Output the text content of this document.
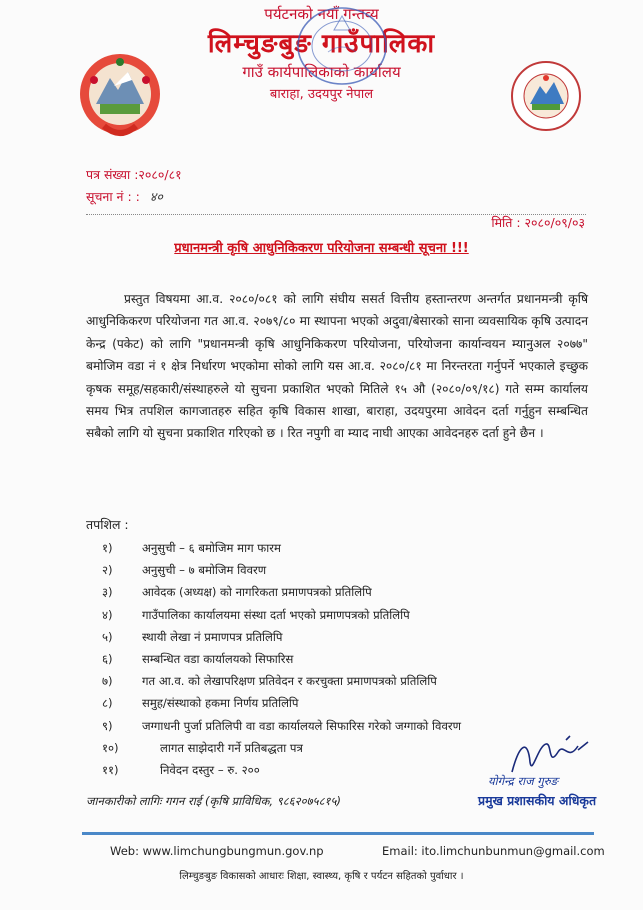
पर्यटनको नयाँ गन्तव्य
लिम्चुङबुङ गाउँपालिका
गाउँ कार्यपालिकाको कार्यालय
बाराहा, उदयपुर नेपाल
पत्र संख्या :२०८०/८१
सूचना नं : : ४०
मिति : २०८०/०९/०३
प्रधानमन्त्री कृषि आधुनिकिकरण परियोजना सम्बन्धी सूचना !!!
प्रस्तुत विषयमा आ.व. २०८०/०८१ को लागि संघीय ससर्त वित्तीय हस्तान्तरण अन्तर्गत प्रधानमन्त्री कृषि आधुनिकिकरण परियोजना गत आ.व. २०७९/८० मा स्थापना भएको अदुवा/बेसारको साना व्यवसायिक कृषि उत्पादन केन्द्र (पकेट) को लागि "प्रधानमन्त्री कृषि आधुनिकिकरण परियोजना, परियोजना कार्यान्वयन म्यानुअल २०७७" बमोजिम वडा नं १ क्षेत्र निर्धारण भएकोमा सोको लागि यस आ.व. २०८०/८१ मा निरन्तरता गर्नुपर्ने भएकाले इच्छुक कृषक समूह/सहकारी/संस्थाहरुले यो सुचना प्रकाशित भएको मितिले १५ औ (२०८०/०९/१८) गते सम्म कार्यालय समय भित्र तपशिल कागजातहरु सहित कृषि विकास शाखा, बाराहा, उदयपुरमा आवेदन दर्ता गर्नुहुन सम्बन्धित सबैको लागि यो सुचना प्रकाशित गरिएको छ । रित नपुगी वा म्याद नाघी आएका आवेदनहरु दर्ता हुने छैन ।
तपशिल :
१)	अनुसुची – ६ बमोजिम माग फारम
२)	अनुसुची – ७ बमोजिम विवरण
३)	आवेदक (अध्यक्ष) को नागरिकता प्रमाणपत्रको प्रतिलिपि
४)	गाउँपालिका कार्यालयमा संस्था दर्ता भएको प्रमाणपत्रको प्रतिलिपि
५)	स्थायी लेखा नं प्रमाणपत्र प्रतिलिपि
६)	सम्बन्धित वडा कार्यालयको सिफारिस
७)	गत आ.व. को लेखापरिक्षण प्रतिवेदन र करचुक्ता प्रमाणपत्रको प्रतिलिपि
८)	समुह/संस्थाको हकमा निर्णय प्रतिलिपि
९)	जग्गाधनी पुर्जा प्रतिलिपी वा वडा कार्यालयले सिफारिस गरेको जग्गाको विवरण
१०)	लागत साझेदारी गर्ने प्रतिबद्धता पत्र
११)	निवेदन दस्तुर – रु. २००
जानकारीको लागिः गगन राई (कृषि प्राविधिक, ९८६२०७५८१५)
योगेन्द्र राज गुरुङ
प्रमुख प्रशासकीय अधिकृत
Web: www.limchungbungmun.gov.np	Email: ito.limchunbunmun@gmail.com
लिम्चुङबुङ विकासको आधारः शिक्षा, स्वास्थ्य, कृषि र पर्यटन सहितको पुर्वाधार ।
